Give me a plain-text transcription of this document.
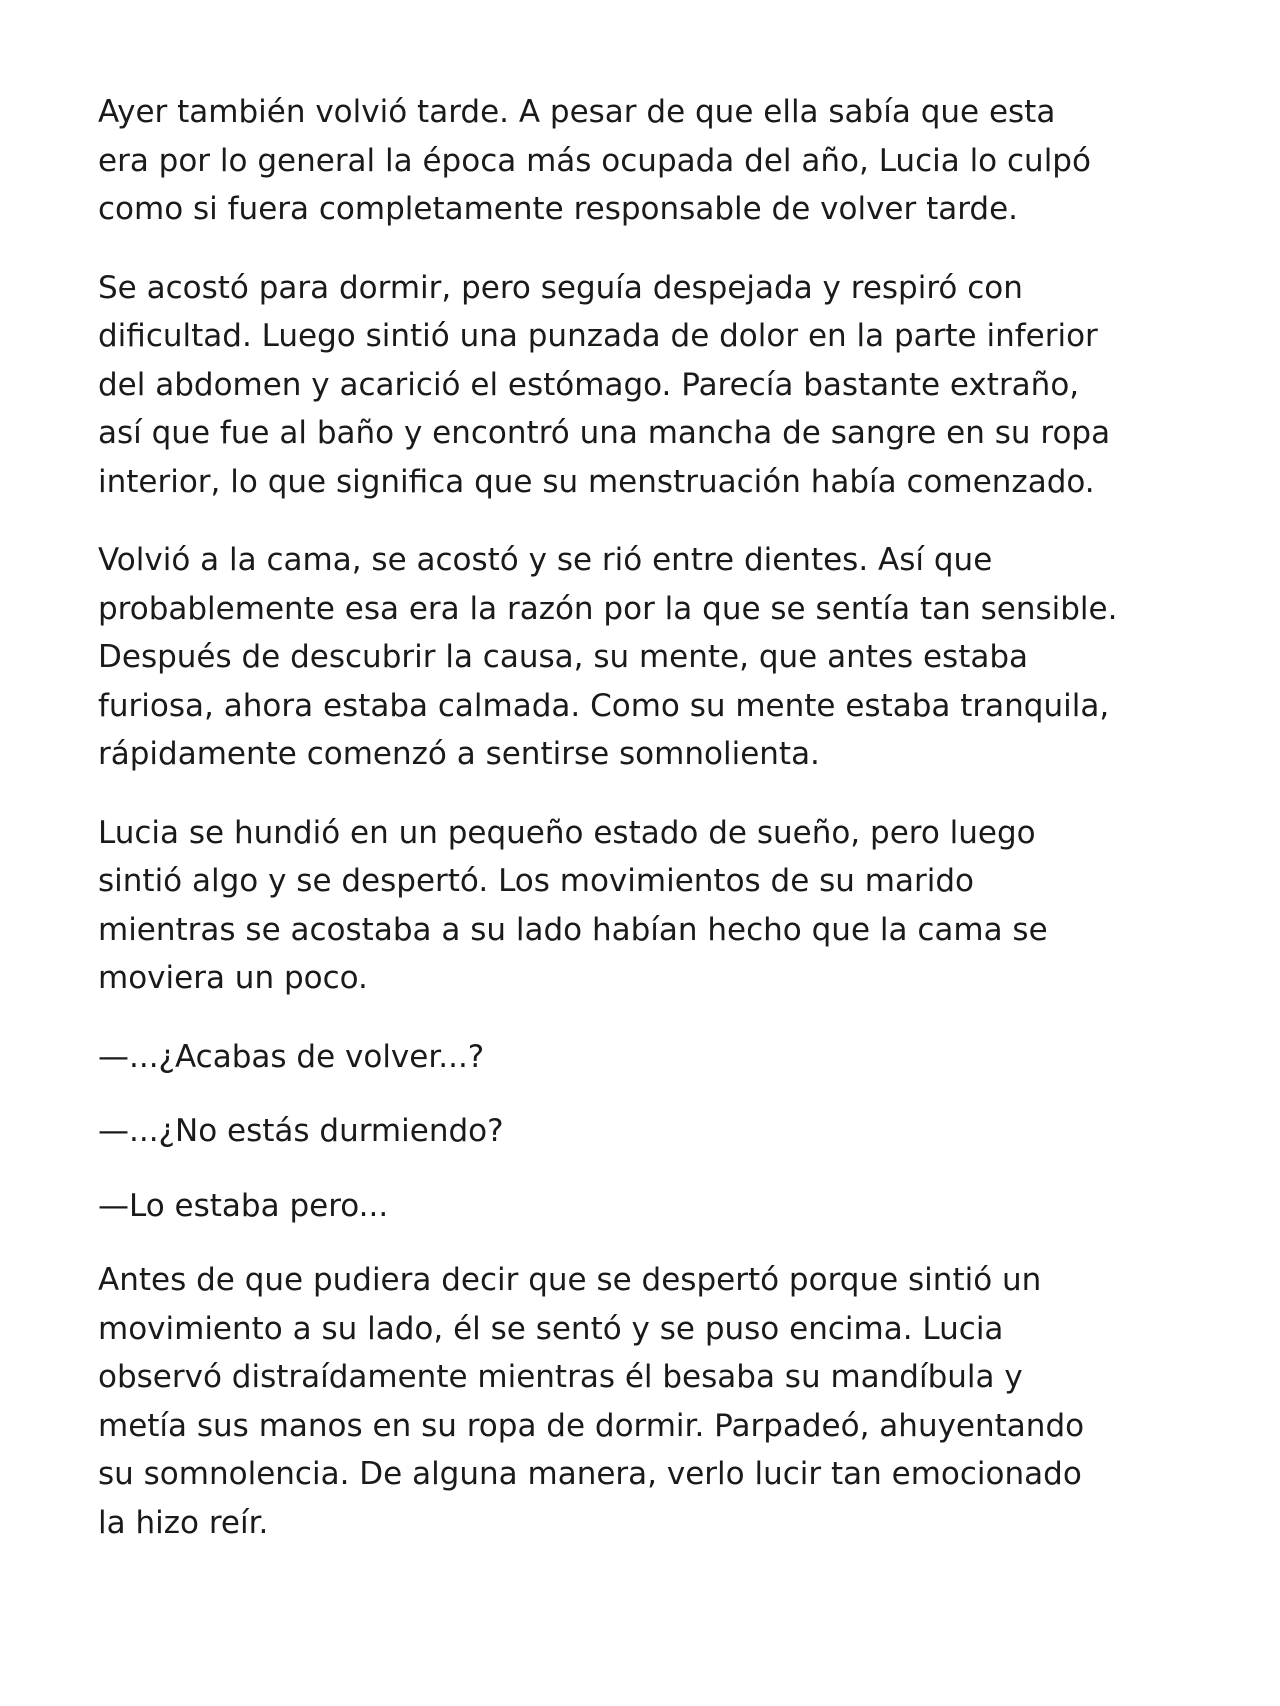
Ayer también volvió tarde. A pesar de que ella sabía que esta
era por lo general la época más ocupada del año, Lucia lo culpó
como si fuera completamente responsable de volver tarde.
Se acostó para dormir, pero seguía despejada y respiró con
dificultad. Luego sintió una punzada de dolor en la parte inferior
del abdomen y acarició el estómago. Parecía bastante extraño,
así que fue al baño y encontró una mancha de sangre en su ropa
interior, lo que significa que su menstruación había comenzado.
Volvió a la cama, se acostó y se rió entre dientes. Así que
probablemente esa era la razón por la que se sentía tan sensible.
Después de descubrir la causa, su mente, que antes estaba
furiosa, ahora estaba calmada. Como su mente estaba tranquila,
rápidamente comenzó a sentirse somnolienta.
Lucia se hundió en un pequeño estado de sueño, pero luego
sintió algo y se despertó. Los movimientos de su marido
mientras se acostaba a su lado habían hecho que la cama se
moviera un poco.
—...¿Acabas de volver...?
—...¿No estás durmiendo?
—Lo estaba pero...
Antes de que pudiera decir que se despertó porque sintió un
movimiento a su lado, él se sentó y se puso encima. Lucia
observó distraídamente mientras él besaba su mandíbula y
metía sus manos en su ropa de dormir. Parpadeó, ahuyentando
su somnolencia. De alguna manera, verlo lucir tan emocionado
la hizo reír.
